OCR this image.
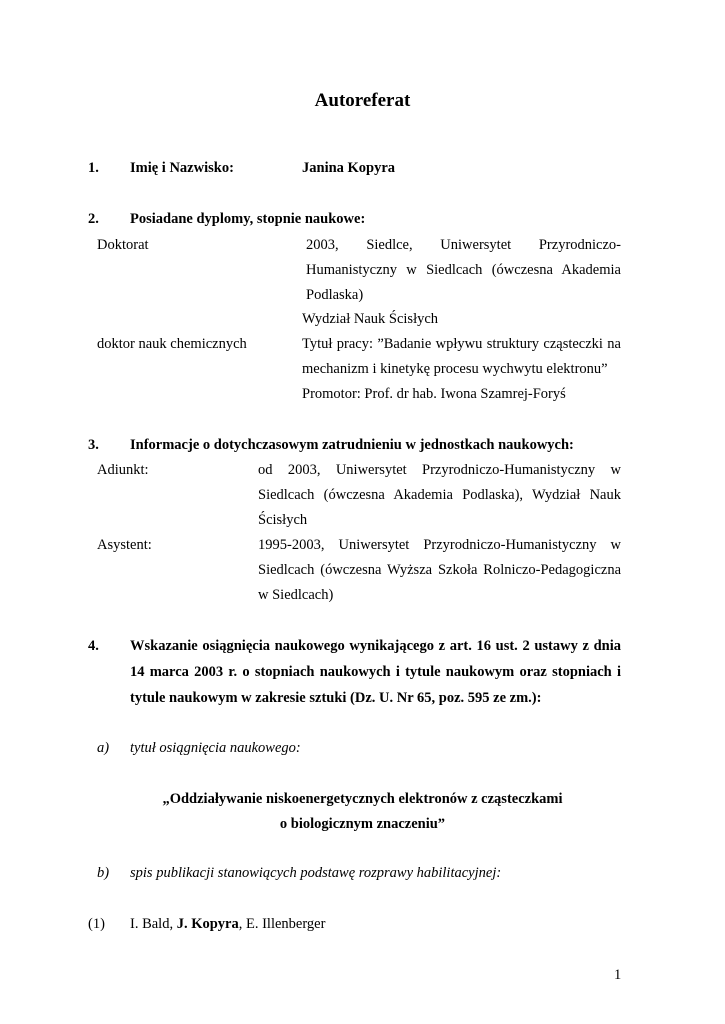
Autoreferat
1. Imię i Nazwisko:	Janina Kopyra
2. Posiadane dyplomy, stopnie naukowe:
Doktorat	2003, Siedlce, Uniwersytet Przyrodniczo-
Humanistyczny w Siedlcach (ówczesna Akademia
Podlaska)
Wydział Nauk Ścisłych
doktor nauk chemicznych	Tytuł pracy: ”Badanie wpływu struktury cząsteczki na
mechanizm i kinetykę procesu wychwytu elektronu”
Promotor: Prof. dr hab. Iwona Szamrej-Foryś
3. Informacje o dotychczasowym zatrudnieniu w jednostkach naukowych:
Adiunkt:	od 2003, Uniwersytet Przyrodniczo-Humanistyczny w
Siedlcach (ówczesna Akademia Podlaska), Wydział Nauk
Ścisłych
Asystent:	1995-2003, Uniwersytet Przyrodniczo-Humanistyczny w
Siedlcach (ówczesna Wyższa Szkoła Rolniczo-Pedagogiczna
w Siedlcach)
4. Wskazanie osiągnięcia naukowego wynikającego z art. 16 ust. 2 ustawy z dnia
14 marca 2003 r. o stopniach naukowych i tytule naukowym oraz stopniach i
tytule naukowym w zakresie sztuki (Dz. U. Nr 65, poz. 595 ze zm.):
a) tytuł osiągnięcia naukowego:
„Oddziaływanie niskoenergetycznych elektronów z cząsteczkami
o biologicznym znaczeniu”
b) spis publikacji stanowiących podstawę rozprawy habilitacyjnej:
(1) I. Bald, J. Kopyra, E. Illenberger
1
